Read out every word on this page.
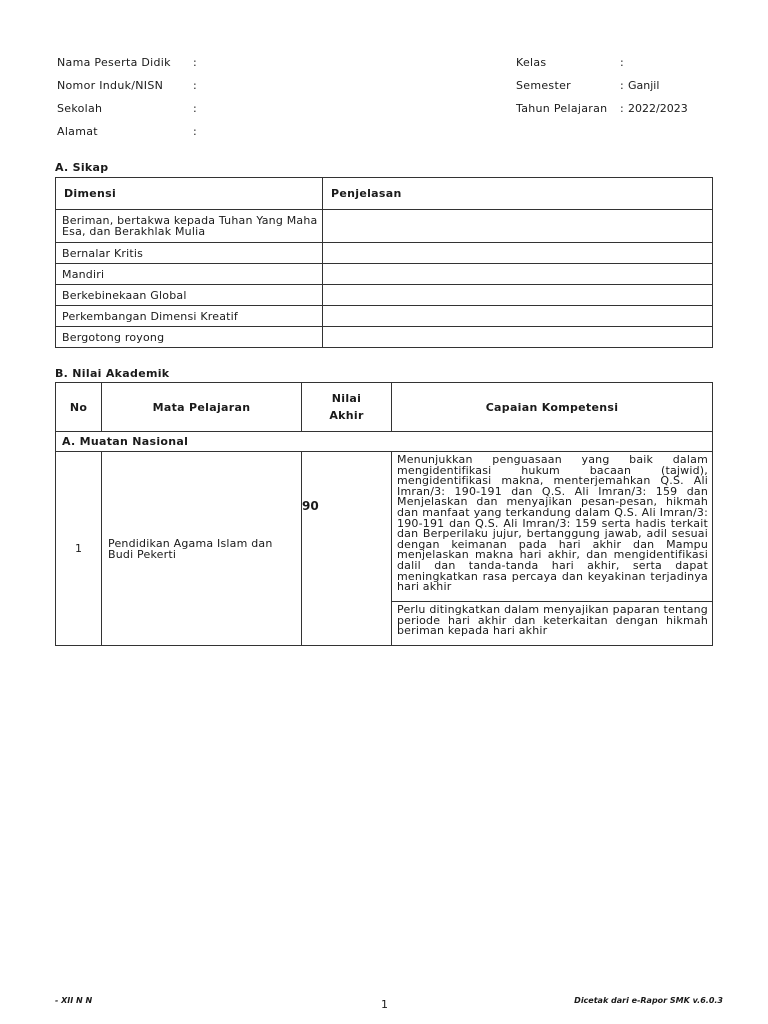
Nama Peserta Didik :
Nomor Induk/NISN	:
Sekolah	:
Alamat	:
Kelas	:
Semester	: Ganjil
Tahun Pelajaran : 2022/2023
A. Sikap
Dimensi	Penjelasan
Beriman, bertakwa kepada Tuhan Yang Maha Esa, dan Berakhlak Mulia	
Bernalar Kritis	
Mandiri	
Berkebinekaan Global	
Perkembangan Dimensi Kreatif	
Bergotong royong	
B. Nilai Akademik
No	Mata Pelajaran	Nilai Akhir	Capaian Kompetensi
A. Muatan Nasional			
1	Pendidikan Agama Islam dan Budi Pekerti	90	Menunjukkan penguasaan yang baik dalam mengidentifikasi hukum bacaan (tajwid), mengidentifikasi makna, menterjemahkan Q.S. Ali Imran/3: 190-191 dan Q.S. Ali Imran/3: 159 dan Menjelaskan dan menyajikan pesan-pesan, hikmah dan manfaat yang terkandung dalam Q.S. Ali Imran/3: 190-191 dan Q.S. Ali Imran/3: 159 serta hadis terkait dan Berperilaku jujur, bertanggung jawab, adil sesuai dengan keimanan pada hari akhir dan Mampu menjelaskan makna hari akhir, dan mengidentifikasi dalil dan tanda-tanda hari akhir, serta dapat meningkatkan rasa percaya dan keyakinan terjadinya hari akhir
			Perlu ditingkatkan dalam menyajikan paparan tentang periode hari akhir dan keterkaitan dengan hikmah beriman kepada hari akhir
- XII N N	1	Dicetak dari e-Rapor SMK v.6.0.3
